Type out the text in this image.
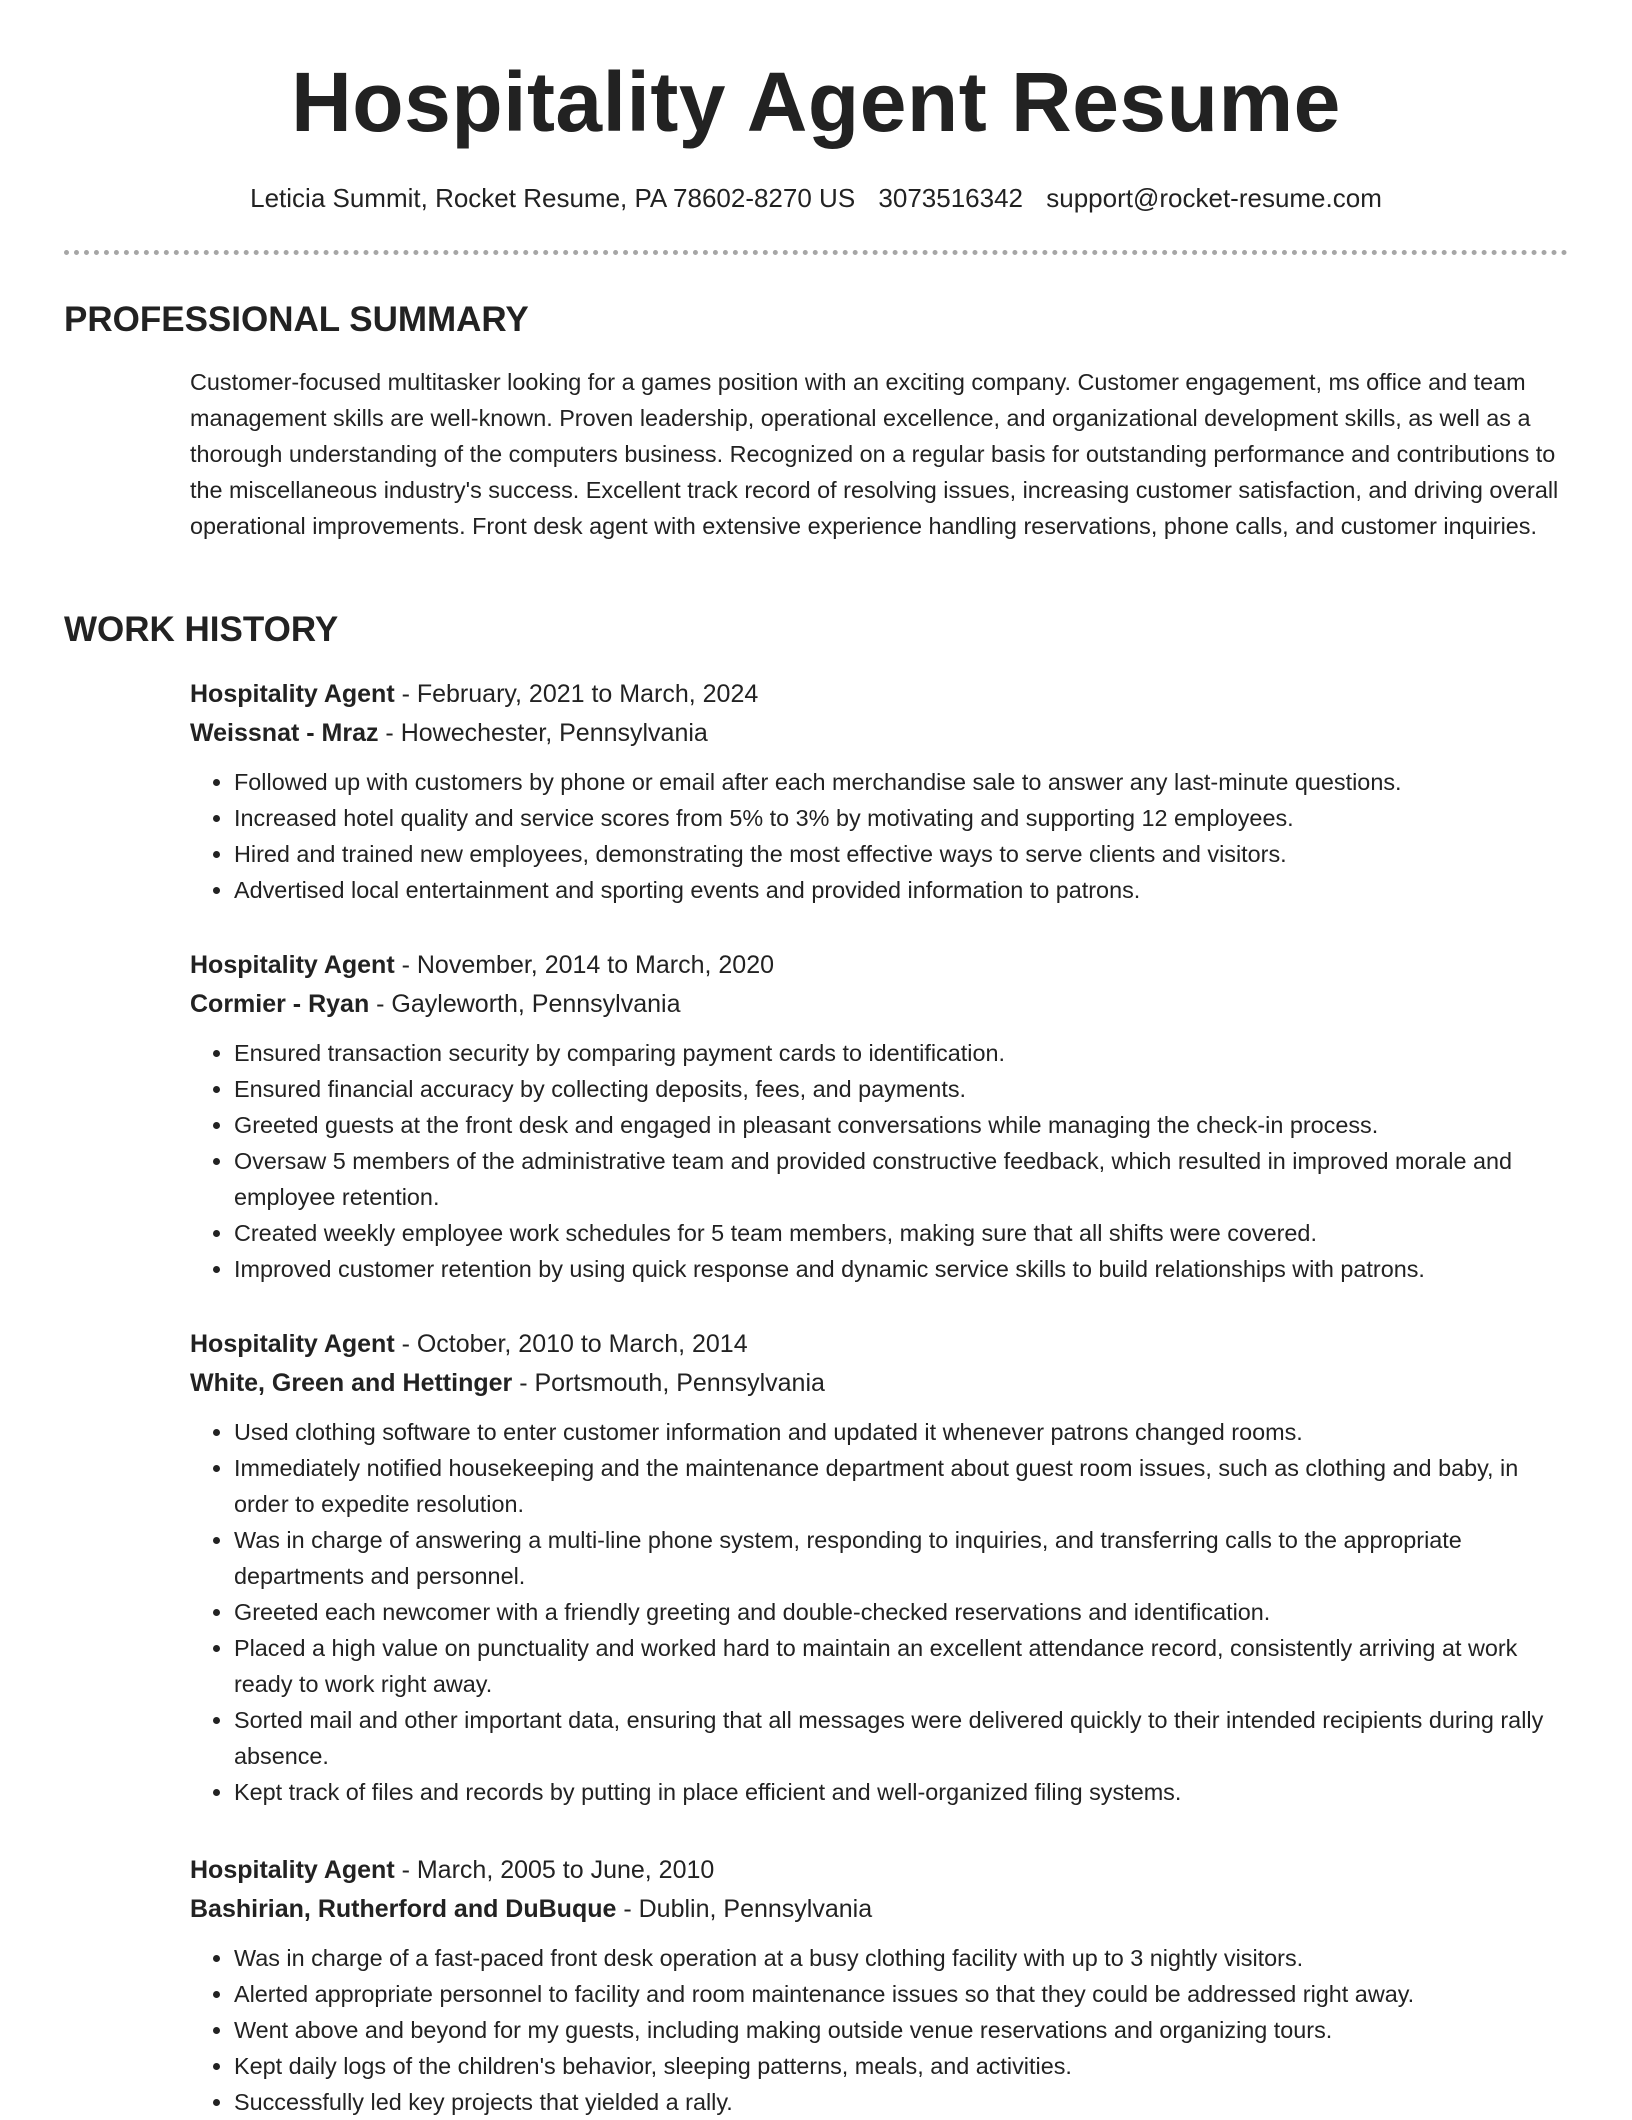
Hospitality Agent Resume
Leticia Summit, Rocket Resume, PA 78602-8270 US 3073516342 support@rocket-resume.com
PROFESSIONAL SUMMARY

Customer-focused multitasker looking for a games position with an exciting company. Customer engagement, ms office and team management skills are well-known. Proven leadership, operational excellence, and organizational development skills, as well as a thorough understanding of the computers business. Recognized on a regular basis for outstanding performance and contributions to the miscellaneous industry's success. Excellent track record of resolving issues, increasing customer satisfaction, and driving overall operational improvements. Front desk agent with extensive experience handling reservations, phone calls, and customer inquiries.

WORK HISTORY
Hospitality Agent - February, 2021 to March, 2024
Weissnat - Mraz - Howechester, Pennsylvania
• Followed up with customers by phone or email after each merchandise sale to answer any last-minute questions.
• Increased hotel quality and service scores from 5% to 3% by motivating and supporting 12 employees.
• Hired and trained new employees, demonstrating the most effective ways to serve clients and visitors.
• Advertised local entertainment and sporting events and provided information to patrons.
Hospitality Agent - November, 2014 to March, 2020
Cormier - Ryan - Gayleworth, Pennsylvania
• Ensured transaction security by comparing payment cards to identification.
• Ensured financial accuracy by collecting deposits, fees, and payments.
• Greeted guests at the front desk and engaged in pleasant conversations while managing the check-in process.
• Oversaw 5 members of the administrative team and provided constructive feedback, which resulted in improved morale and employee retention.
• Created weekly employee work schedules for 5 team members, making sure that all shifts were covered.
• Improved customer retention by using quick response and dynamic service skills to build relationships with patrons.
Hospitality Agent - October, 2010 to March, 2014
White, Green and Hettinger - Portsmouth, Pennsylvania
• Used clothing software to enter customer information and updated it whenever patrons changed rooms.
• Immediately notified housekeeping and the maintenance department about guest room issues, such as clothing and baby, in order to expedite resolution.
• Was in charge of answering a multi-line phone system, responding to inquiries, and transferring calls to the appropriate departments and personnel.
• Greeted each newcomer with a friendly greeting and double-checked reservations and identification.
• Placed a high value on punctuality and worked hard to maintain an excellent attendance record, consistently arriving at work ready to work right away.
• Sorted mail and other important data, ensuring that all messages were delivered quickly to their intended recipients during rally absence.
• Kept track of files and records by putting in place efficient and well-organized filing systems.
Hospitality Agent - March, 2005 to June, 2010
Bashirian, Rutherford and DuBuque - Dublin, Pennsylvania
• Was in charge of a fast-paced front desk operation at a busy clothing facility with up to 3 nightly visitors.
• Alerted appropriate personnel to facility and room maintenance issues so that they could be addressed right away.
• Went above and beyond for my guests, including making outside venue reservations and organizing tours.
• Kept daily logs of the children's behavior, sleeping patterns, meals, and activities.
• Successfully led key projects that yielded a rally.
